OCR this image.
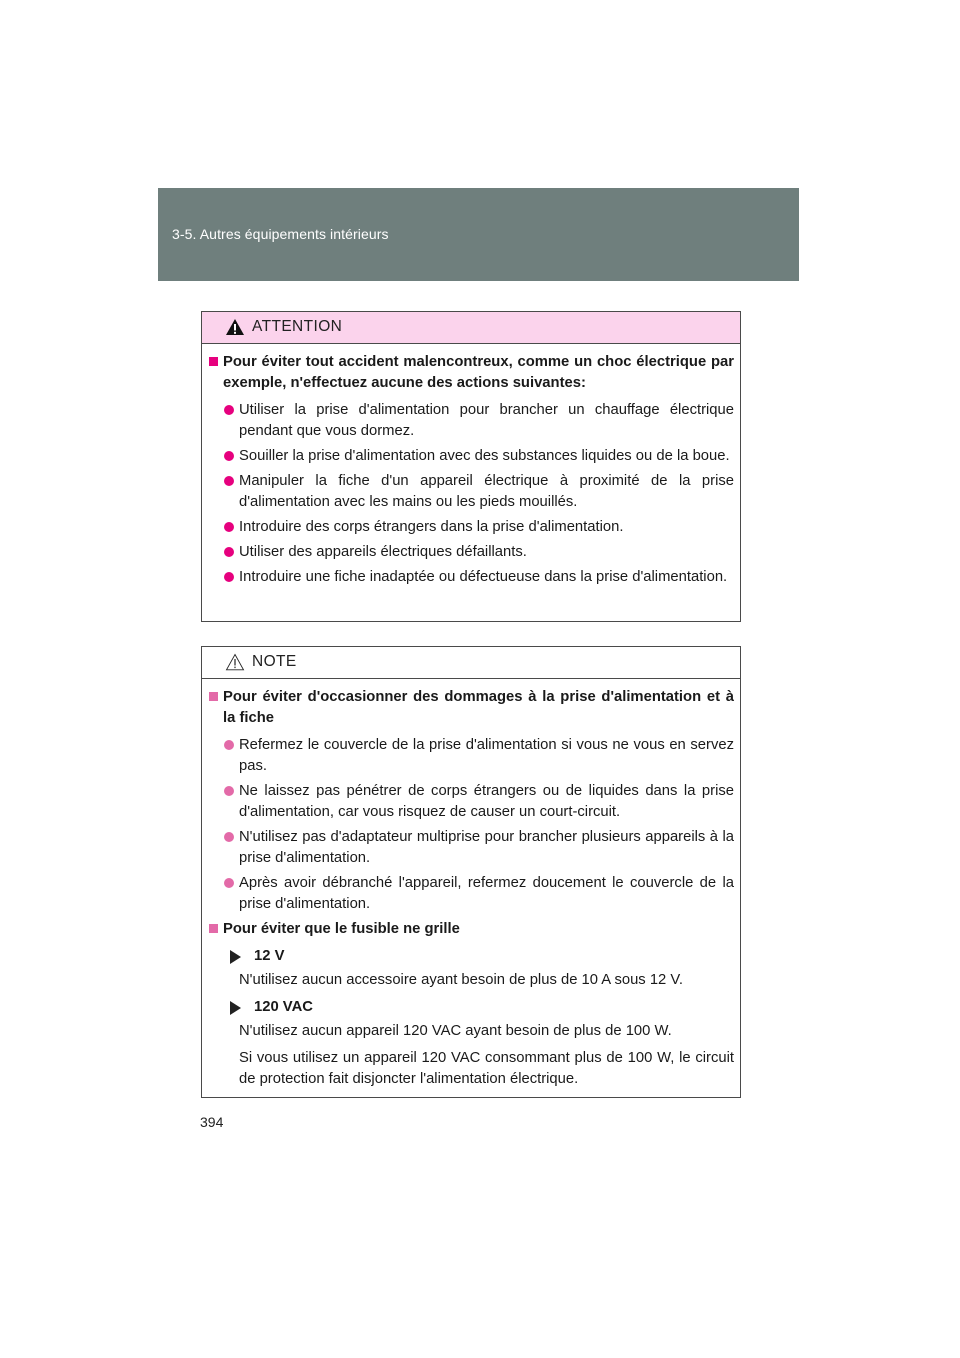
3-5. Autres équipements intérieurs
ATTENTION
Pour éviter tout accident malencontreux, comme un choc électrique par exemple, n'effectuez aucune des actions suivantes:
Utiliser la prise d'alimentation pour brancher un chauffage électrique pendant que vous dormez.
Souiller la prise d'alimentation avec des substances liquides ou de la boue.
Manipuler la fiche d'un appareil électrique à proximité de la prise d'alimentation avec les mains ou les pieds mouillés.
Introduire des corps étrangers dans la prise d'alimentation.
Utiliser des appareils électriques défaillants.
Introduire une fiche inadaptée ou défectueuse dans la prise d'alimentation.
NOTE
Pour éviter d'occasionner des dommages à la prise d'alimentation et à la fiche
Refermez le couvercle de la prise d'alimentation si vous ne vous en servez pas.
Ne laissez pas pénétrer de corps étrangers ou de liquides dans la prise d'alimentation, car vous risquez de causer un court-circuit.
N'utilisez pas d'adaptateur multiprise pour brancher plusieurs appareils à la prise d'alimentation.
Après avoir débranché l'appareil, refermez doucement le couvercle de la prise d'alimentation.
Pour éviter que le fusible ne grille
12 V
N'utilisez aucun accessoire ayant besoin de plus de 10 A sous 12 V.
120 VAC
N'utilisez aucun appareil 120 VAC ayant besoin de plus de 100 W.
Si vous utilisez un appareil 120 VAC consommant plus de 100 W, le circuit de protection fait disjoncter l'alimentation électrique.
394
